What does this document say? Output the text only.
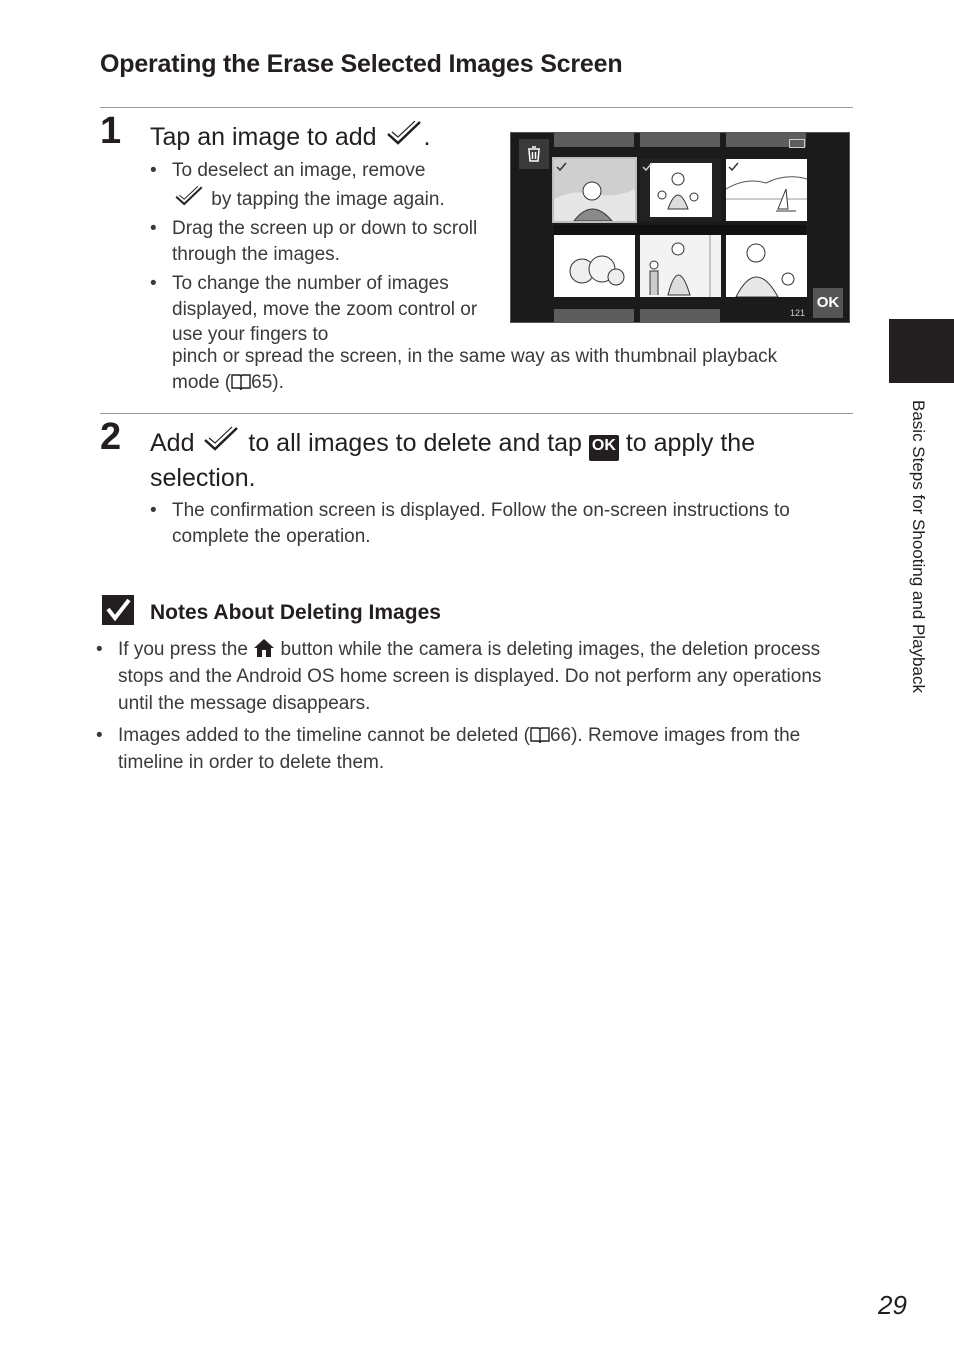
Operating the Erase Selected Images Screen
1 Tap an image to add .
• To deselect an image, remove
by tapping the image again.
• Drag the screen up or down to scroll through the images.
• To change the number of images displayed, move the zoom control or use your fingers to
pinch or spread the screen, in the same way as with thumbnail playback
mode ( 65).
121
OK
2 Add to all images to delete and tap OK to apply the
selection.
• The confirmation screen is displayed. Follow the on-screen instructions to complete the operation.
Notes About Deleting Images
• If you press the button while the camera is deleting images, the deletion process stops and the Android OS home screen is displayed. Do not perform any operations until the message disappears.
• Images added to the timeline cannot be deleted ( 66). Remove images from the timeline in order to delete them.
Basic Steps for Shooting and Playback
29
